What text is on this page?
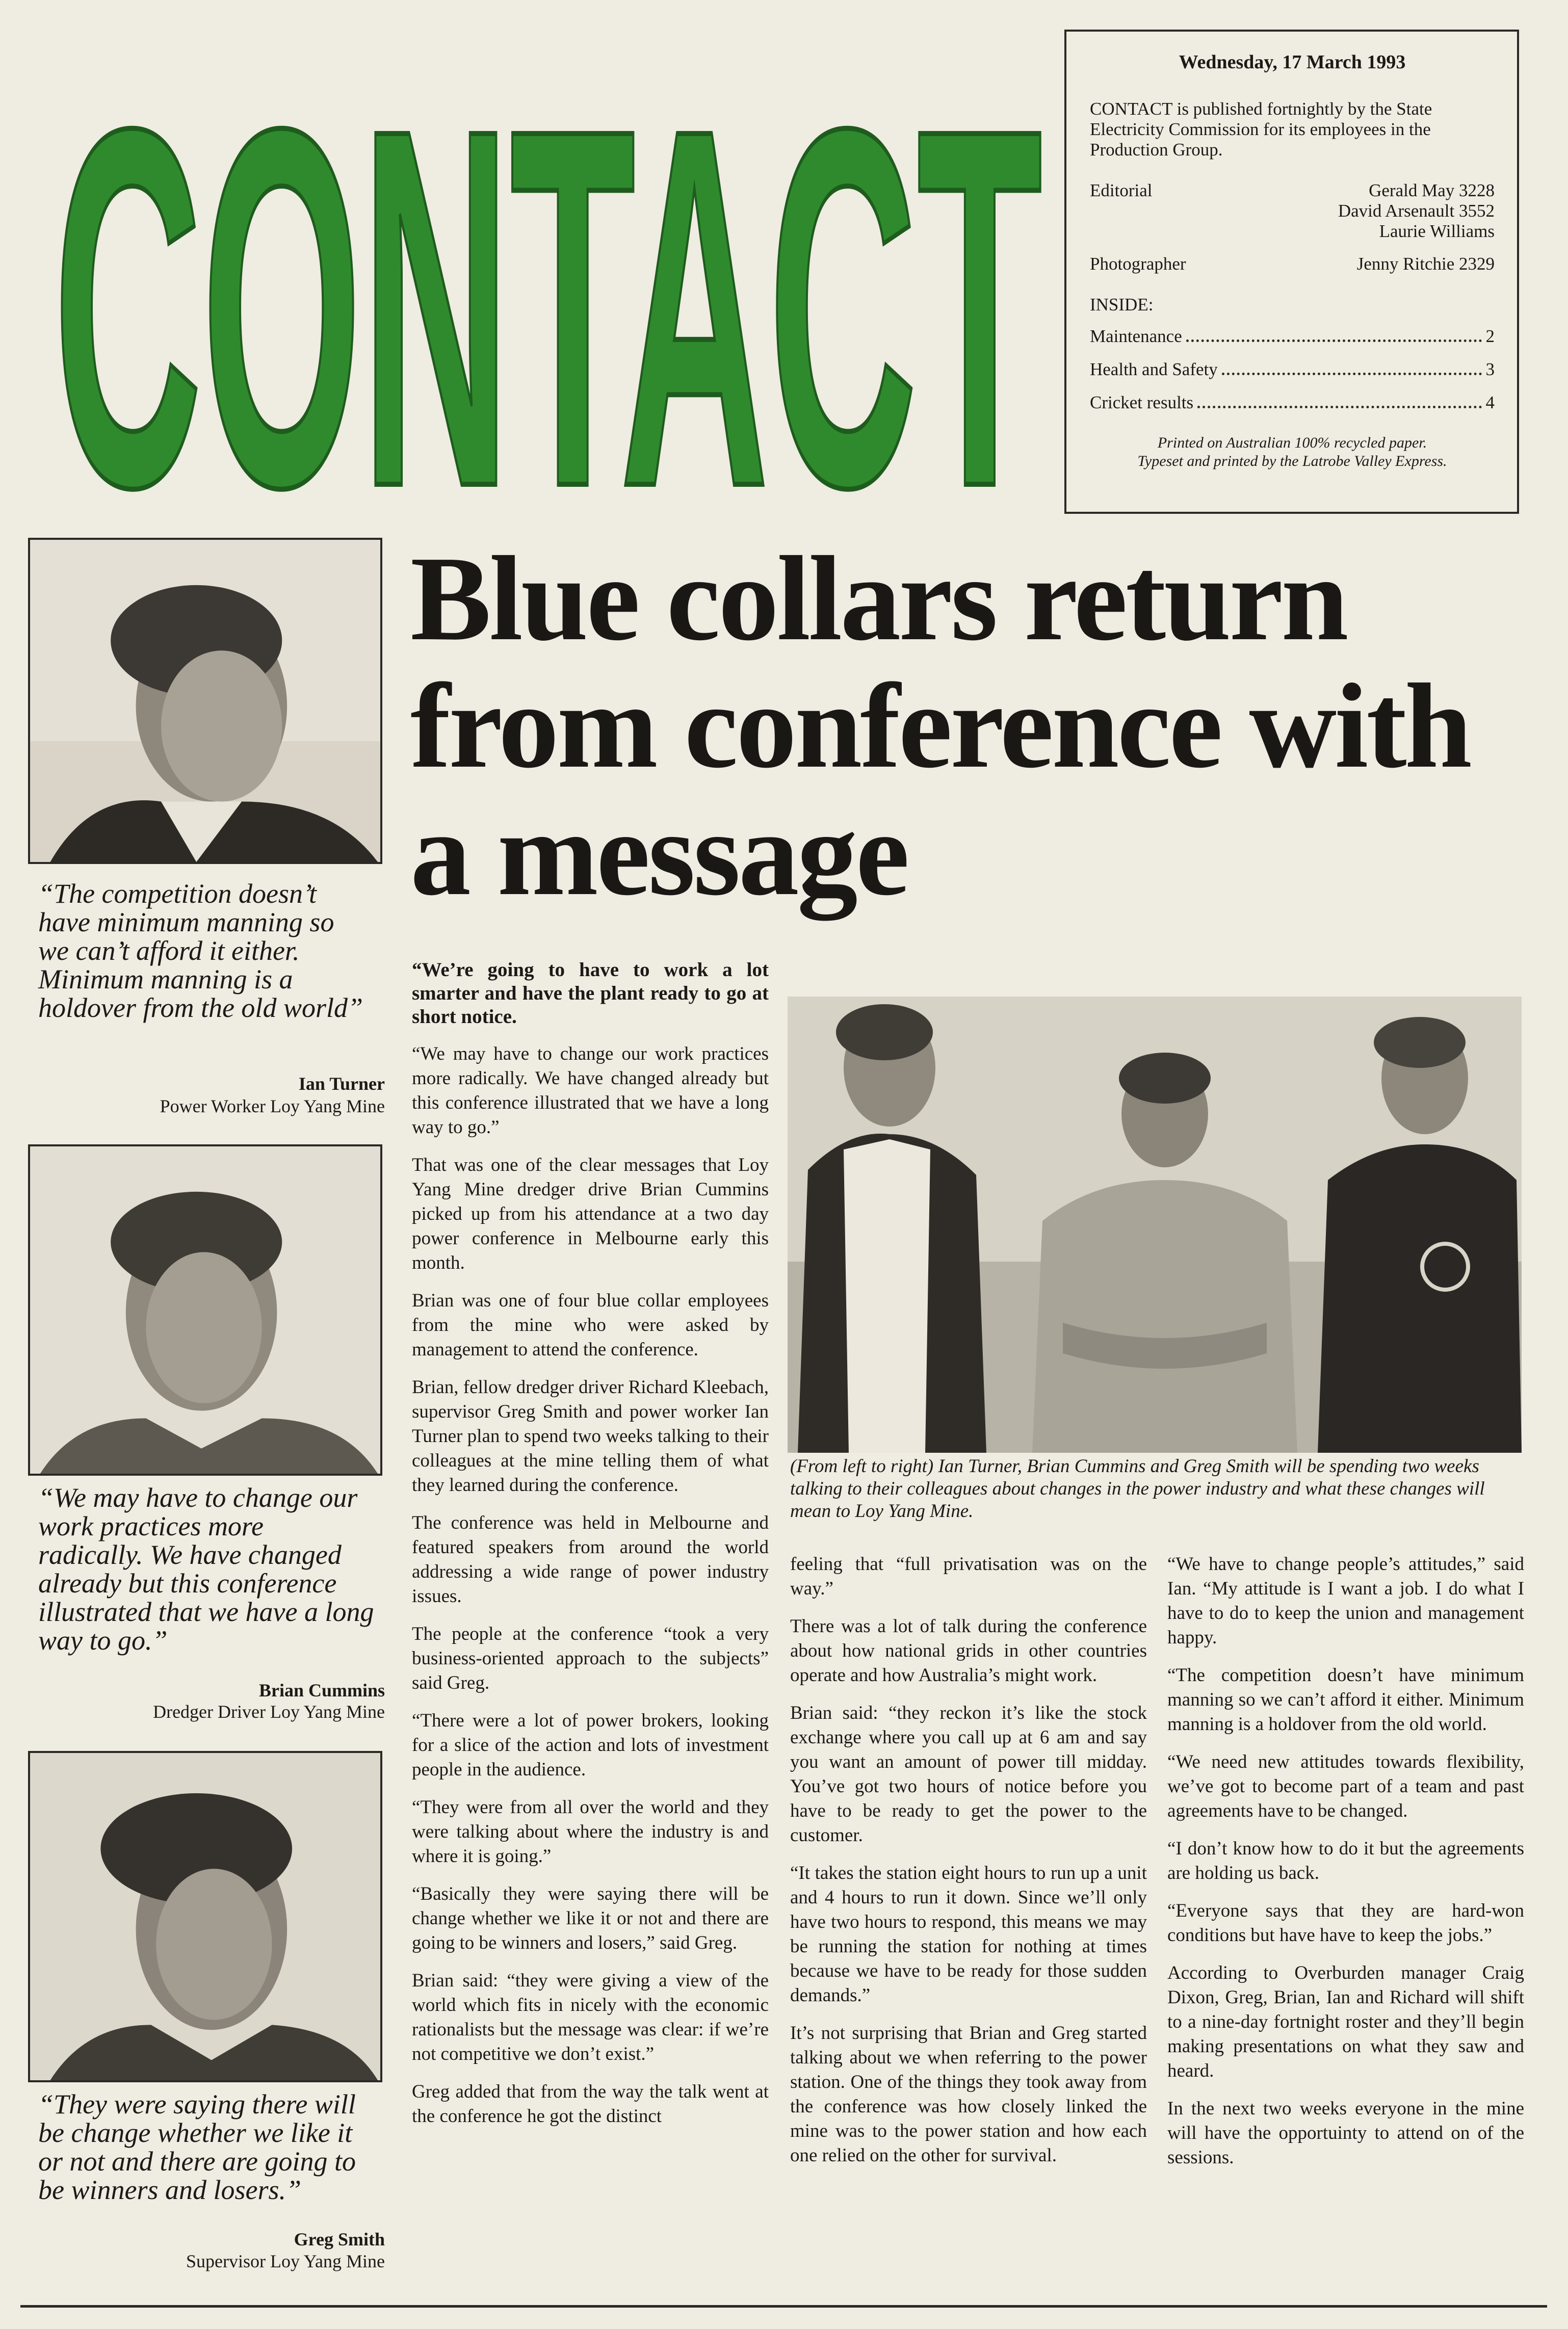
CONTACT	Wednesday, 17 March 1993
CONTACT is published fortnightly by the State Electricity Commission for its employees in the Production Group.
Editorial	Gerald May 3228
David Arsenault 3552
Laurie Williams
Photographer	Jenny Ritchie 2329
INSIDE:
Maintenance	2
Health and Safety	3
Cricket results	4
Printed on Australian 100% recycled paper.
Typeset and printed by the Latrobe Valley Express.
Blue collars return from conference with a message
“The competition doesn’t have minimum manning so we can’t afford it either. Minimum manning is a holdover from the old world”
Ian Turner
Power Worker Loy Yang Mine
“We may have to change our work practices more radically. We have changed already but this conference illustrated that we have a long way to go.”
Brian Cummins
Dredger Driver Loy Yang Mine
“They were saying there will be change whether we like it or not and there are going to be winners and losers.”
Greg Smith
Supervisor Loy Yang Mine
(From left to right) Ian Turner, Brian Cummins and Greg Smith will be spending two weeks talking to their colleagues about changes in the power industry and what these changes will mean to Loy Yang Mine.

“We’re going to have to work a lot smarter and have the plant ready to go at short notice.

“We may have to change our work practices more radically. We have changed already but this conference illustrated that we have a long way to go.”

That was one of the clear messages that Loy Yang Mine dredger drive Brian Cummins picked up from his attendance at a two day power conference in Melbourne early this month.

Brian was one of four blue collar employees from the mine who were asked by management to attend the conference.

Brian, fellow dredger driver Richard Kleebach, supervisor Greg Smith and power worker Ian Turner plan to spend two weeks talking to their colleagues at the mine telling them of what they learned during the conference.

The conference was held in Melbourne and featured speakers from around the world addressing a wide range of power industry issues.

The people at the conference “took a very business-oriented approach to the subjects” said Greg.

“There were a lot of power brokers, looking for a slice of the action and lots of investment people in the audience.

“They were from all over the world and they were talking about where the industry is and where it is going.”

“Basically they were saying there will be change whether we like it or not and there are going to be winners and losers,” said Greg.

Brian said: “they were giving a view of the world which fits in nicely with the economic rationalists but the message was clear: if we’re not competitive we don’t exist.”

Greg added that from the way the talk went at the conference he got the distinct

feeling that “full privatisation was on the way.”

There was a lot of talk during the conference about how national grids in other countries operate and how Australia’s might work.

Brian said: “they reckon it’s like the stock exchange where you call up at 6 am and say you want an amount of power till midday. You’ve got two hours of notice before you have to be ready to get the power to the customer.

“It takes the station eight hours to run up a unit and 4 hours to run it down. Since we’ll only have two hours to respond, this means we may be running the station for nothing at times because we have to be ready for those sudden demands.”

It’s not surprising that Brian and Greg started talking about we when referring to the power station. One of the things they took away from the conference was how closely linked the mine was to the power station and how each one relied on the other for survival.

“We have to change people’s attitudes,” said Ian. “My attitude is I want a job. I do what I have to do to keep the union and management happy.

“The competition doesn’t have minimum manning so we can’t afford it either. Minimum manning is a holdover from the old world.

“We need new attitudes towards flexibility, we’ve got to become part of a team and past agreements have to be changed.

“I don’t know how to do it but the agreements are holding us back.

“Everyone says that they are hard-won conditions but have have to keep the jobs.”

According to Overburden manager Craig Dixon, Greg, Brian, Ian and Richard will shift to a nine-day fortnight roster and they’ll begin making presentations on what they saw and heard.

In the next two weeks everyone in the mine will have the opportuinty to attend on of the sessions.
